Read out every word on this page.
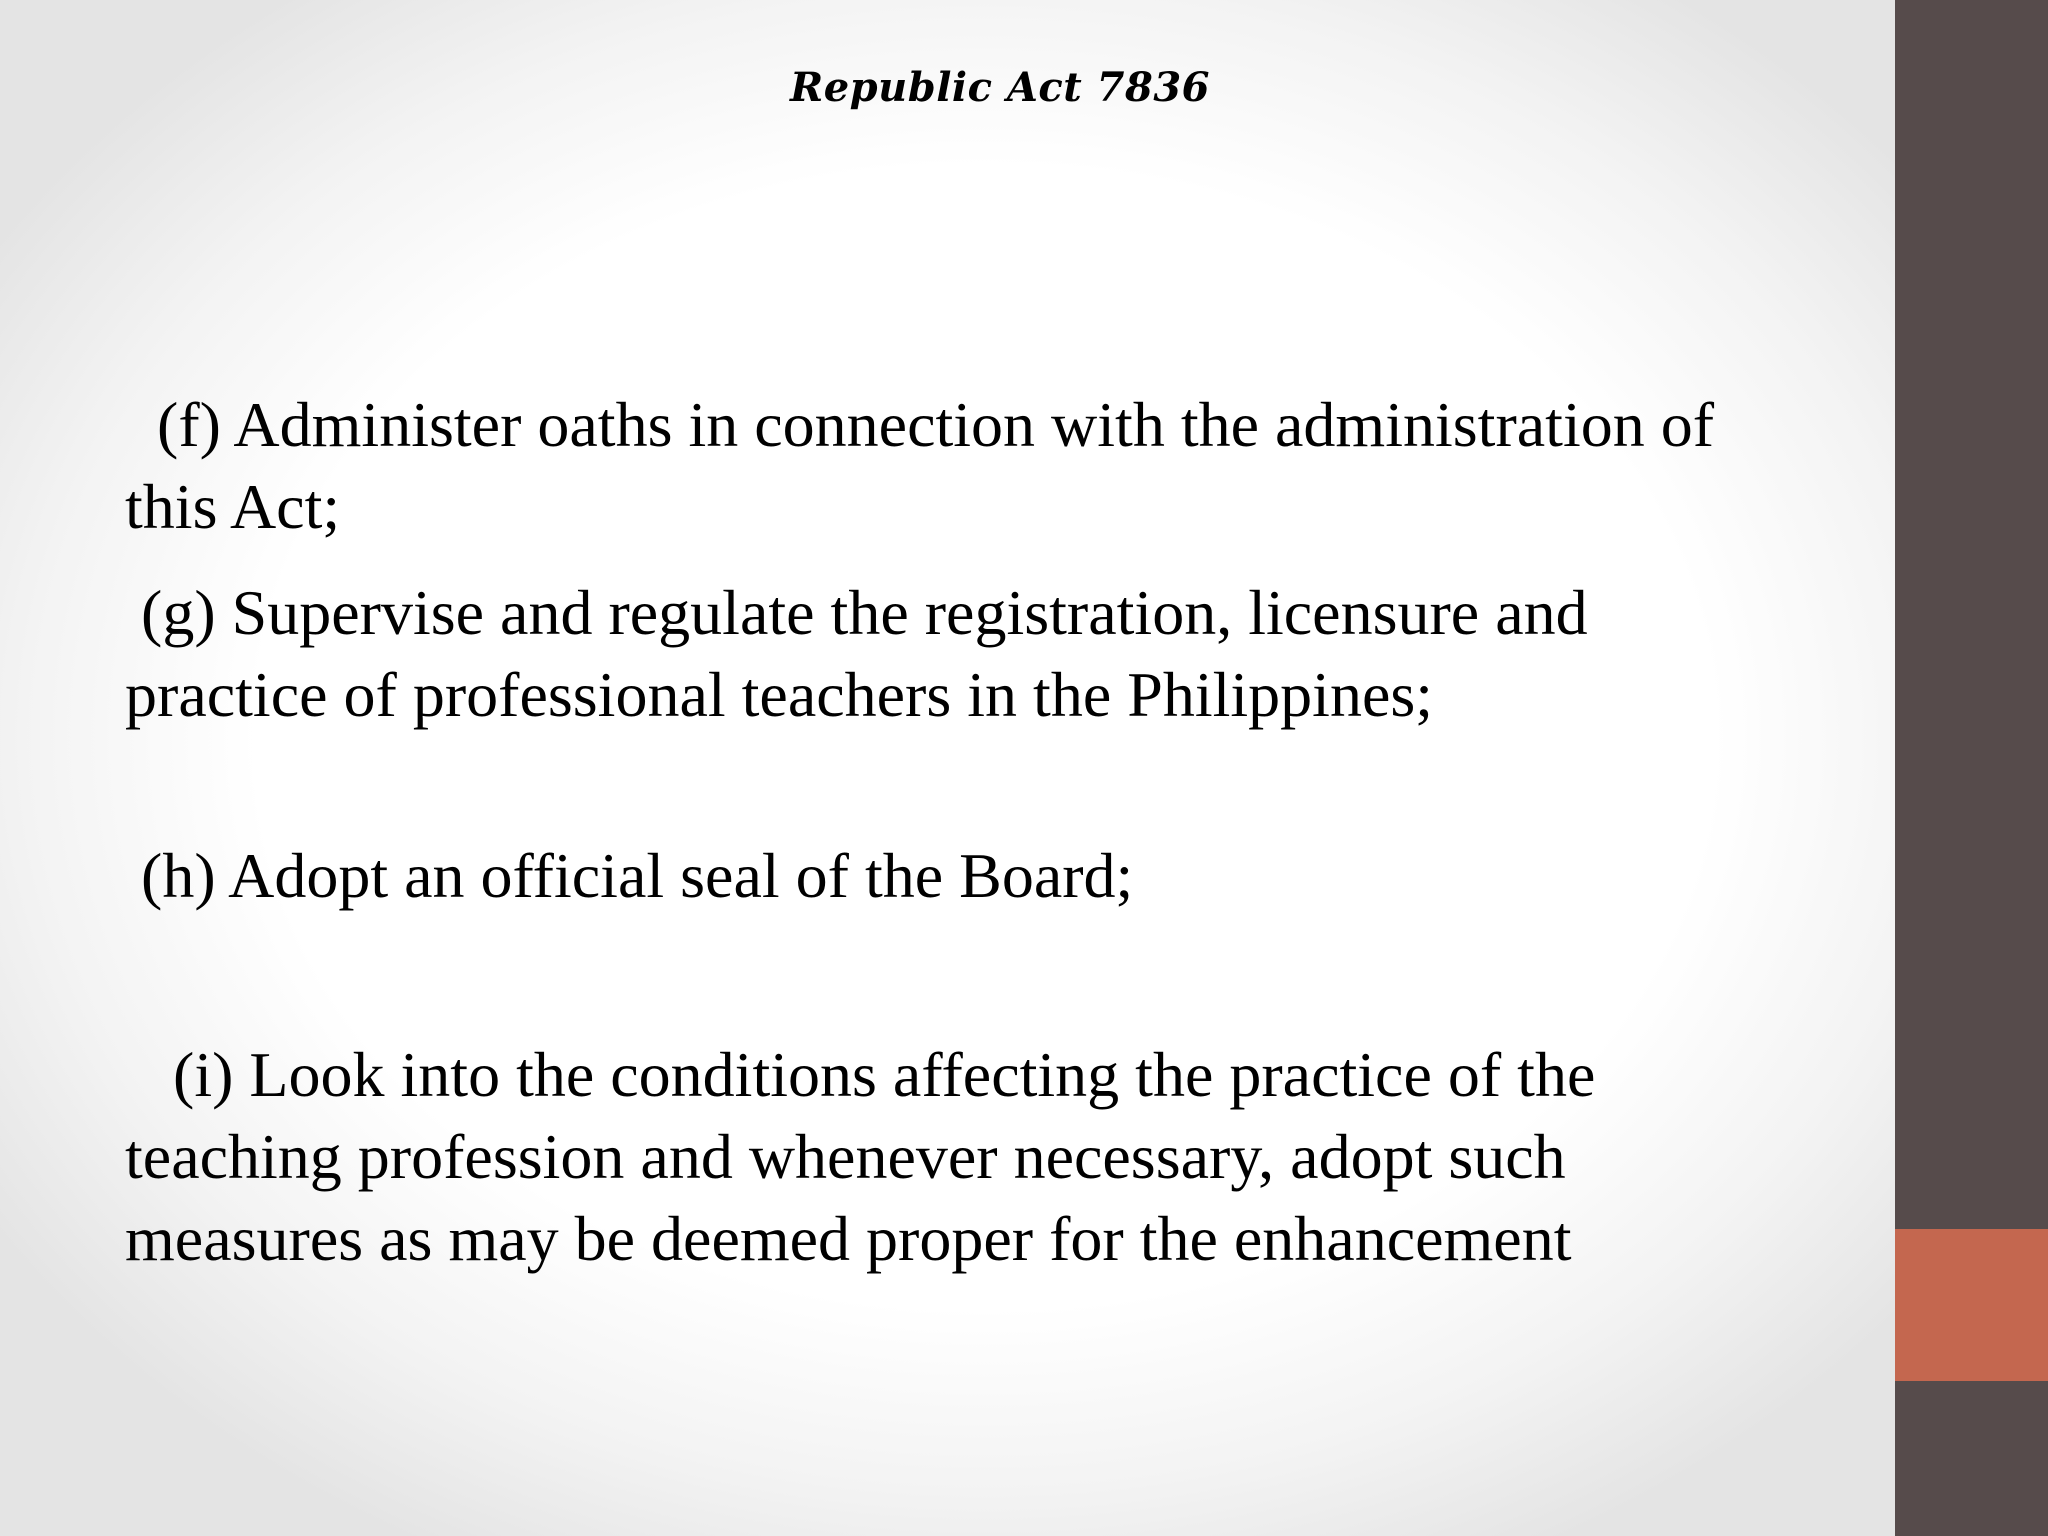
Republic Act 7836

(f) Administer oaths in connection with the administration of
this Act;

(g) Supervise and regulate the registration, licensure and
practice of professional teachers in the Philippines;

(h) Adopt an official seal of the Board;

(i) Look into the conditions affecting the practice of the
teaching profession and whenever necessary, adopt such
measures as may be deemed proper for the enhancement
